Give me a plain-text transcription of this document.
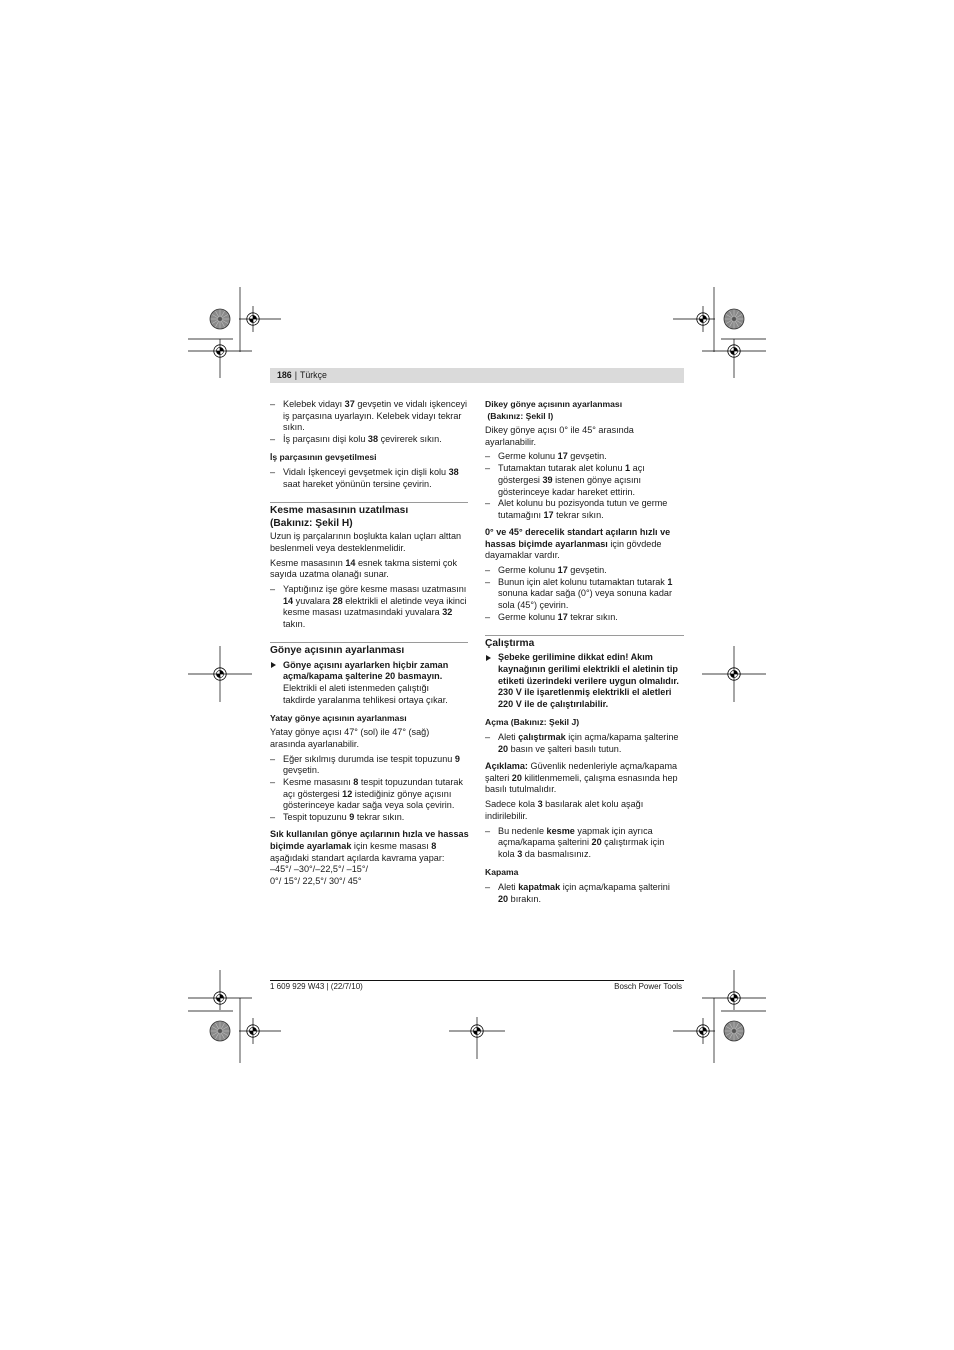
186 | Türkçe
– Kelebek vidayı 37 gevşetin ve vidalı işkenceyi
iş parçasına uyarlayın. Kelebek vidayı tekrar
sıkın.
– İş parçasını dişi kolu 38 çevirerek sıkın.
İş parçasının gevşetilmesi
– Vidalı İşkenceyi gevşetmek için dişli kolu 38
saat hareket yönünün tersine çevirin.
Kesme masasının uzatılması
(Bakınız: Şekil H)
Uzun iş parçalarının boşlukta kalan uçları alttan
beslenmeli veya desteklenmelidir.
Kesme masasının 14 esnek takma sistemi çok
sayıda uzatma olanağı sunar.
– Yaptığınız işe göre kesme masası uzatmasını
14 yuvalara 28 elektrikli el aletinde veya ikinci
kesme masası uzatmasındaki yuvalara 32
takın.
Gönye açısının ayarlanması
Gönye açısını ayarlarken hiçbir zaman
açma/kapama şalterine 20 basmayın.
Elektrikli el aleti istenmeden çalıştığı
takdirde yaralanma tehlikesi ortaya çıkar.
Yatay gönye açısının ayarlanması
Yatay gönye açısı 47° (sol) ile 47° (sağ)
arasında ayarlanabilir.
– Eğer sıkılmış durumda ise tespit topuzunu 9
gevşetin.
– Kesme masasını 8 tespit topuzundan tutarak
açı göstergesi 12 istediğiniz gönye açısını
gösterinceye kadar sağa veya sola çevirin.
– Tespit topuzunu 9 tekrar sıkın.
Sık kullanılan gönye açılarının hızla ve hassas
biçimde ayarlamak için kesme masası 8
aşağıdaki standart açılarda kavrama yapar:
–45°/ –30°/–22,5°/ –15°/
0°/ 15°/ 22,5°/ 30°/ 45°
Dikey gönye açısının ayarlanması
(Bakınız: Şekil I)
Dikey gönye açısı 0° ile 45° arasında
ayarlanabilir.
– Germe kolunu 17 gevşetin.
– Tutamaktan tutarak alet kolunu 1 açı
göstergesi 39 istenen gönye açısını
gösterinceye kadar hareket ettirin.
– Alet kolunu bu pozisyonda tutun ve germe
tutamağını 17 tekrar sıkın.
0° ve 45° derecelik standart açıların hızlı ve
hassas biçimde ayarlanması için gövdede
dayamaklar vardır.
– Germe kolunu 17 gevşetin.
– Bunun için alet kolunu tutamaktan tutarak 1
sonuna kadar sağa (0°) veya sonuna kadar
sola (45°) çevirin.
– Germe kolunu 17 tekrar sıkın.
Çalıştırma
Şebeke gerilimine dikkat edin! Akım
kaynağının gerilimi elektrikli el aletinin tip
etiketi üzerindeki verilere uygun olmalıdır.
230 V ile işaretlenmiş elektrikli el aletleri
220 V ile de çalıştırılabilir.
Açma (Bakınız: Şekil J)
– Aleti çalıştırmak için açma/kapama şalterine
20 basın ve şalteri basılı tutun.
Açıklama: Güvenlik nedenleriyle açma/kapama
şalteri 20 kilitlenmemeli, çalışma esnasında hep
basılı tutulmalıdır.
Sadece kola 3 basılarak alet kolu aşağı
indirilebilir.
– Bu nedenle kesme yapmak için ayrıca
açma/kapama şalterini 20 çalıştırmak için
kola 3 da basmalısınız.
Kapama
– Aleti kapatmak için açma/kapama şalterini
20 bırakın.
1 609 929 W43 | (22/7/10)	Bosch Power Tools
